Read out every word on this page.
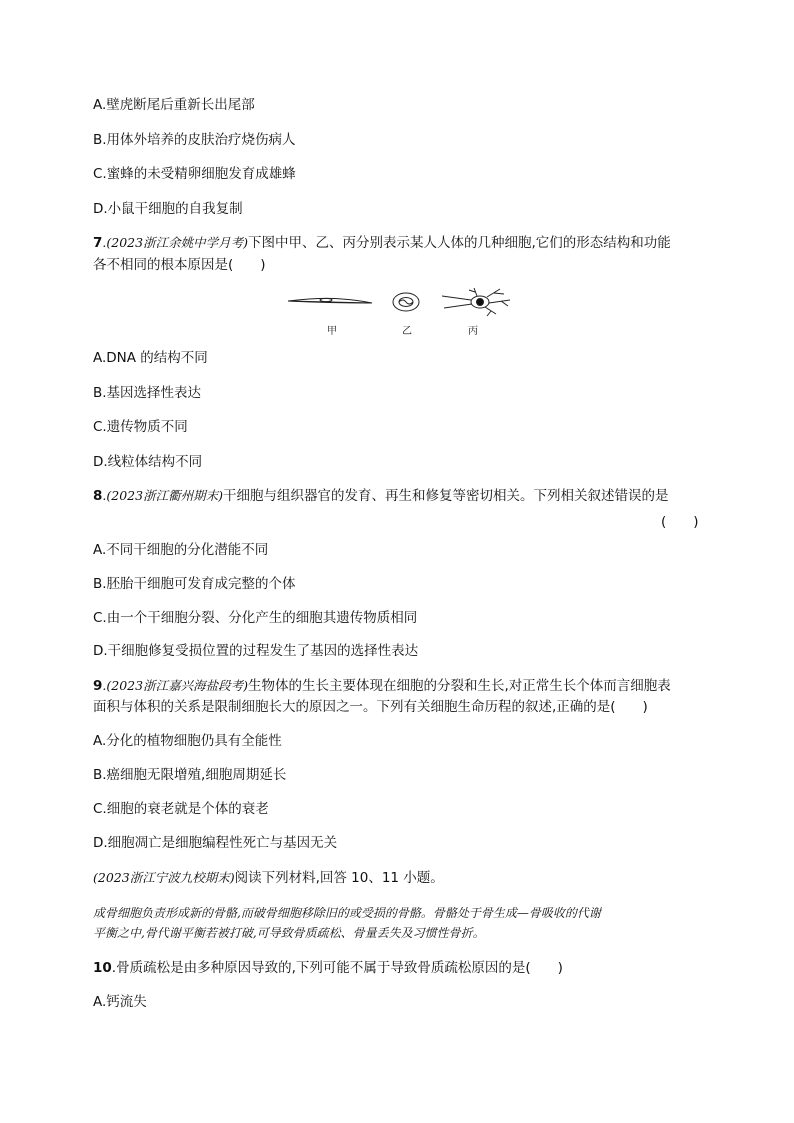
A.壁虎断尾后重新长出尾部
B.用体外培养的皮肤治疗烧伤病人
C.蜜蜂的未受精卵细胞发育成雄蜂
D.小鼠干细胞的自我复制
7.(2023浙江余姚中学月考)下图中甲、乙、丙分别表示某人人体的几种细胞,它们的形态结构和功能
各不相同的根本原因是(　　)
甲	乙	丙
A.DNA 的结构不同
B.基因选择性表达
C.遗传物质不同
D.线粒体结构不同
8.(2023浙江衢州期末)干细胞与组织器官的发育、再生和修复等密切相关。下列相关叙述错误的是
(　　)
A.不同干细胞的分化潜能不同
B.胚胎干细胞可发育成完整的个体
C.由一个干细胞分裂、分化产生的细胞其遗传物质相同
D.干细胞修复受损位置的过程发生了基因的选择性表达
9.(2023浙江嘉兴海盐段考)生物体的生长主要体现在细胞的分裂和生长,对正常生长个体而言细胞表
面积与体积的关系是限制细胞长大的原因之一。下列有关细胞生命历程的叙述,正确的是(　　)
A.分化的植物细胞仍具有全能性
B.癌细胞无限增殖,细胞周期延长
C.细胞的衰老就是个体的衰老
D.细胞凋亡是细胞编程性死亡与基因无关
(2023浙江宁波九校期末)阅读下列材料,回答 10、11 小题。
成骨细胞负责形成新的骨骼,而破骨细胞移除旧的或受损的骨骼。骨骼处于骨生成—骨吸收的代谢
平衡之中,骨代谢平衡若被打破,可导致骨质疏松、骨量丢失及习惯性骨折。
10.骨质疏松是由多种原因导致的,下列可能不属于导致骨质疏松原因的是(　　)
A.钙流失
